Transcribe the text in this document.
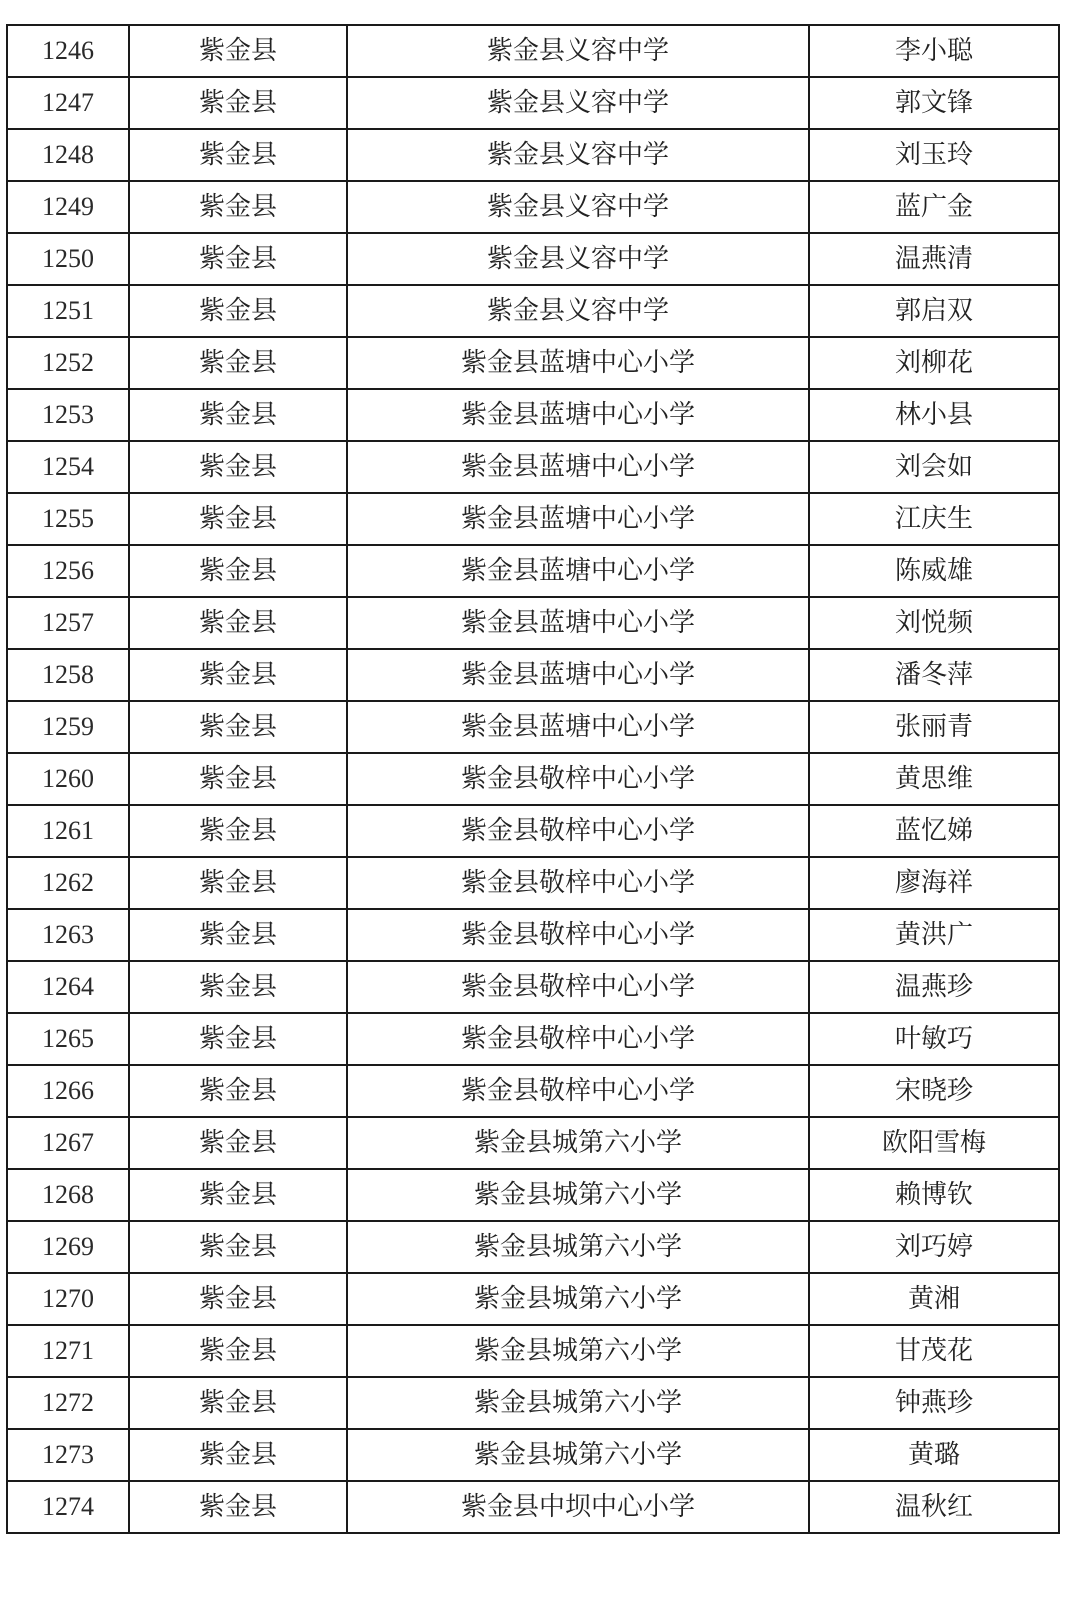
1246	紫金县	紫金县义容中学	李小聪
1247	紫金县	紫金县义容中学	郭文锋
1248	紫金县	紫金县义容中学	刘玉玲
1249	紫金县	紫金县义容中学	蓝广金
1250	紫金县	紫金县义容中学	温燕清
1251	紫金县	紫金县义容中学	郭启双
1252	紫金县	紫金县蓝塘中心小学	刘柳花
1253	紫金县	紫金县蓝塘中心小学	林小县
1254	紫金县	紫金县蓝塘中心小学	刘会如
1255	紫金县	紫金县蓝塘中心小学	江庆生
1256	紫金县	紫金县蓝塘中心小学	陈威雄
1257	紫金县	紫金县蓝塘中心小学	刘悦频
1258	紫金县	紫金县蓝塘中心小学	潘冬萍
1259	紫金县	紫金县蓝塘中心小学	张丽青
1260	紫金县	紫金县敬梓中心小学	黄思维
1261	紫金县	紫金县敬梓中心小学	蓝忆娣
1262	紫金县	紫金县敬梓中心小学	廖海祥
1263	紫金县	紫金县敬梓中心小学	黄洪广
1264	紫金县	紫金县敬梓中心小学	温燕珍
1265	紫金县	紫金县敬梓中心小学	叶敏巧
1266	紫金县	紫金县敬梓中心小学	宋晓珍
1267	紫金县	紫金县城第六小学	欧阳雪梅
1268	紫金县	紫金县城第六小学	赖博钦
1269	紫金县	紫金县城第六小学	刘巧婷
1270	紫金县	紫金县城第六小学	黄湘
1271	紫金县	紫金县城第六小学	甘茂花
1272	紫金县	紫金县城第六小学	钟燕珍
1273	紫金县	紫金县城第六小学	黄璐
1274	紫金县	紫金县中坝中心小学	温秋红
